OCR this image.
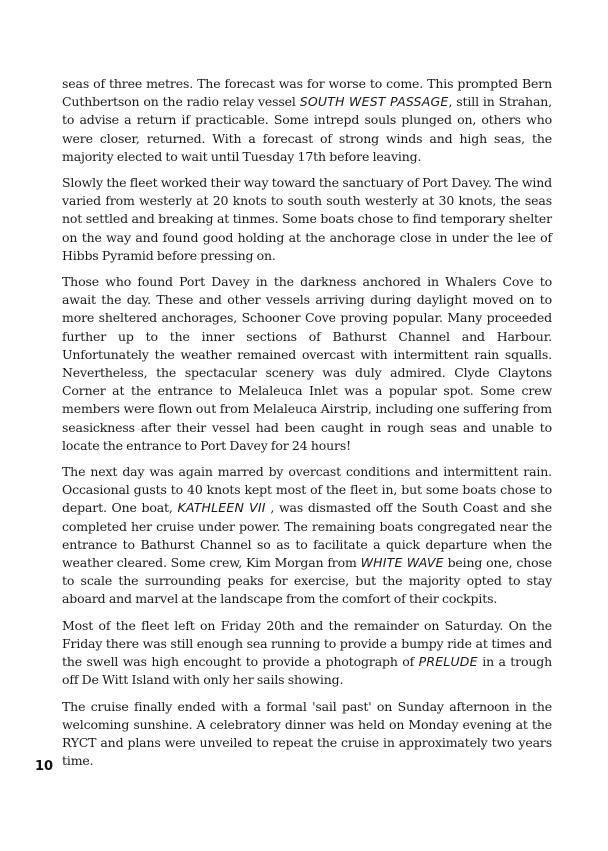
seas of three metres. The forecast was for worse to come. This prompted Bern Cuthbertson on the radio relay vessel SOUTH WEST PASSAGE, still in Strahan, to advise a return if practicable. Some intrepd souls plunged on, others who were closer, returned. With a forecast of strong winds and high seas, the majority elected to wait until Tuesday 17th before leaving.

Slowly the fleet worked their way toward the sanctuary of Port Davey. The wind varied from westerly at 20 knots to south south westerly at 30 knots, the seas not settled and breaking at tinmes. Some boats chose to find temporary shelter on the way and found good holding at the anchorage close in under the lee of Hibbs Pyramid before pressing on.

Those who found Port Davey in the darkness anchored in Whalers Cove to await the day. These and other vessels arriving during daylight moved on to more sheltered anchorages, Schooner Cove proving popular. Many proceeded further up to the inner sections of Bathurst Channel and Harbour. Unfortunately the weather remained overcast with intermittent rain squalls. Nevertheless, the spectacular scenery was duly admired. Clyde Claytons Corner at the entrance to Melaleuca Inlet was a popular spot. Some crew members were flown out from Melaleuca Airstrip, including one suffering from seasickness after their vessel had been caught in rough seas and unable to locate the entrance to Port Davey for 24 hours!

The next day was again marred by overcast conditions and intermittent rain. Occasional gusts to 40 knots kept most of the fleet in, but some boats chose to depart. One boat, KATHLEEN VII , was dismasted off the South Coast and she completed her cruise under power. The remaining boats congregated near the entrance to Bathurst Channel so as to facilitate a quick departure when the weather cleared. Some crew, Kim Morgan from WHITE WAVE being one, chose to scale the surrounding peaks for exercise, but the majority opted to stay aboard and marvel at the landscape from the comfort of their cockpits.

Most of the fleet left on Friday 20th and the remainder on Saturday. On the Friday there was still enough sea running to provide a bumpy ride at times and the swell was high encought to provide a photograph of PRELUDE in a trough off De Witt Island with only her sails showing.

The cruise finally ended with a formal 'sail past' on Sunday afternoon in the welcoming sunshine. A celebratory dinner was held on Monday evening at the RYCT and plans were unveiled to repeat the cruise in approximately two years time.

10
